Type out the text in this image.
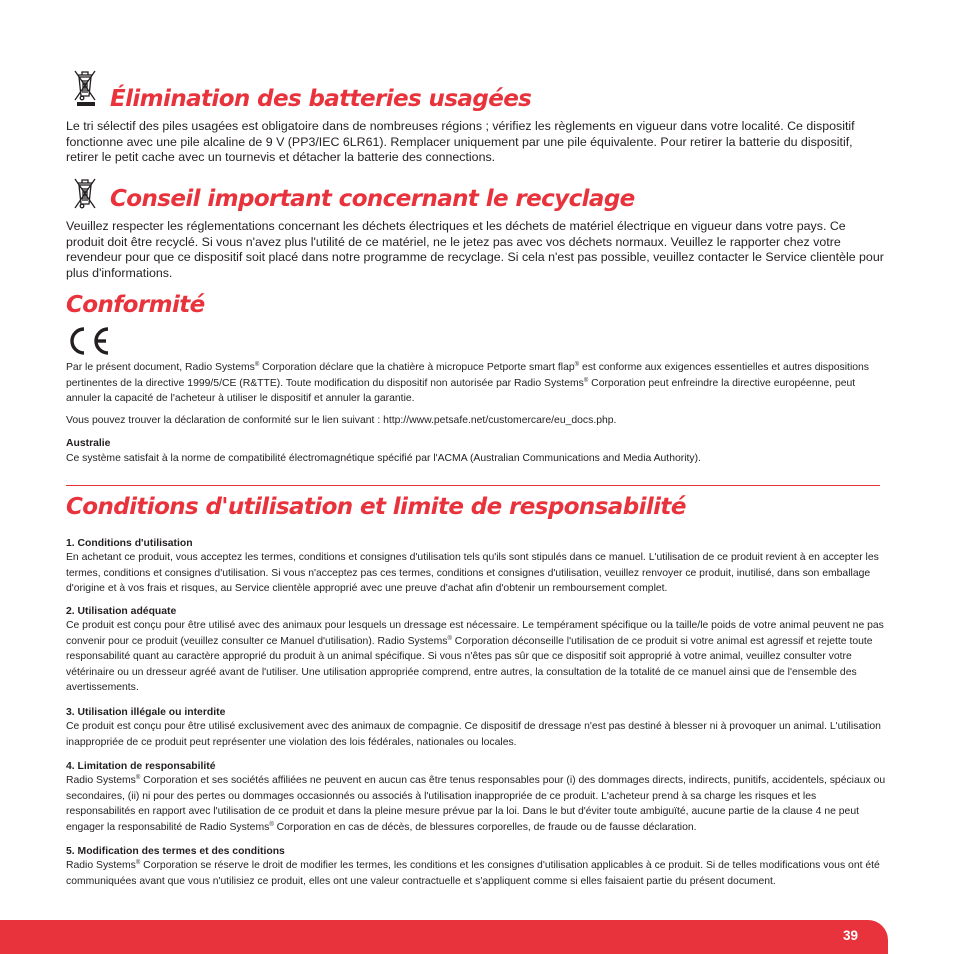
Élimination des batteries usagées

Le tri sélectif des piles usagées est obligatoire dans de nombreuses régions ; vérifiez les règlements en vigueur dans votre localité. Ce dispositif fonctionne avec une pile alcaline de 9 V (PP3/IEC 6LR61). Remplacer uniquement par une pile équivalente. Pour retirer la batterie du dispositif, retirer le petit cache avec un tournevis et détacher la batterie des connections.

Conseil important concernant le recyclage

Veuillez respecter les réglementations concernant les déchets électriques et les déchets de matériel électrique en vigueur dans votre pays. Ce produit doit être recyclé. Si vous n'avez plus l'utilité de ce matériel, ne le jetez pas avec vos déchets normaux. Veuillez le rapporter chez votre revendeur pour que ce dispositif soit placé dans notre programme de recyclage. Si cela n'est pas possible, veuillez contacter le Service clientèle pour plus d'informations.

Conformité

Par le présent document, Radio Systems® Corporation déclare que la chatière à micropuce Petporte smart flap® est conforme aux exigences essentielles et autres dispositions pertinentes de la directive 1999/5/CE (R&TTE). Toute modification du dispositif non autorisée par Radio Systems® Corporation peut enfreindre la directive européenne, peut annuler la capacité de l'acheteur à utiliser le dispositif et annuler la garantie.

Vous pouvez trouver la déclaration de conformité sur le lien suivant : http://www.petsafe.net/customercare/eu_docs.php.

Australie

Ce système satisfait à la norme de compatibilité électromagnétique spécifié par l'ACMA (Australian Communications and Media Authority).

Conditions d'utilisation et limite de responsabilité

1. Conditions d'utilisation

En achetant ce produit, vous acceptez les termes, conditions et consignes d'utilisation tels qu'ils sont stipulés dans ce manuel. L'utilisation de ce produit revient à en accepter les termes, conditions et consignes d'utilisation. Si vous n'acceptez pas ces termes, conditions et consignes d'utilisation, veuillez renvoyer ce produit, inutilisé, dans son emballage d'origine et à vos frais et risques, au Service clientèle approprié avec une preuve d'achat afin d'obtenir un remboursement complet.

2. Utilisation adéquate

Ce produit est conçu pour être utilisé avec des animaux pour lesquels un dressage est nécessaire. Le tempérament spécifique ou la taille/le poids de votre animal peuvent ne pas convenir pour ce produit (veuillez consulter ce Manuel d'utilisation). Radio Systems® Corporation déconseille l'utilisation de ce produit si votre animal est agressif et rejette toute responsabilité quant au caractère approprié du produit à un animal spécifique. Si vous n'êtes pas sûr que ce dispositif soit approprié à votre animal, veuillez consulter votre vétérinaire ou un dresseur agréé avant de l'utiliser. Une utilisation appropriée comprend, entre autres, la consultation de la totalité de ce manuel ainsi que de l'ensemble des avertissements.

3. Utilisation illégale ou interdite

Ce produit est conçu pour être utilisé exclusivement avec des animaux de compagnie. Ce dispositif de dressage n'est pas destiné à blesser ni à provoquer un animal. L'utilisation inappropriée de ce produit peut représenter une violation des lois fédérales, nationales ou locales.

4. Limitation de responsabilité

Radio Systems® Corporation et ses sociétés affiliées ne peuvent en aucun cas être tenus responsables pour (i) des dommages directs, indirects, punitifs, accidentels, spéciaux ou secondaires, (ii) ni pour des pertes ou dommages occasionnés ou associés à l'utilisation inappropriée de ce produit. L'acheteur prend à sa charge les risques et les responsabilités en rapport avec l'utilisation de ce produit et dans la pleine mesure prévue par la loi. Dans le but d'éviter toute ambiguïté, aucune partie de la clause 4 ne peut engager la responsabilité de Radio Systems® Corporation en cas de décès, de blessures corporelles, de fraude ou de fausse déclaration.

5. Modification des termes et des conditions

Radio Systems® Corporation se réserve le droit de modifier les termes, les conditions et les consignes d'utilisation applicables à ce produit. Si de telles modifications vous ont été communiquées avant que vous n'utilisiez ce produit, elles ont une valeur contractuelle et s'appliquent comme si elles faisaient partie du présent document.

39
